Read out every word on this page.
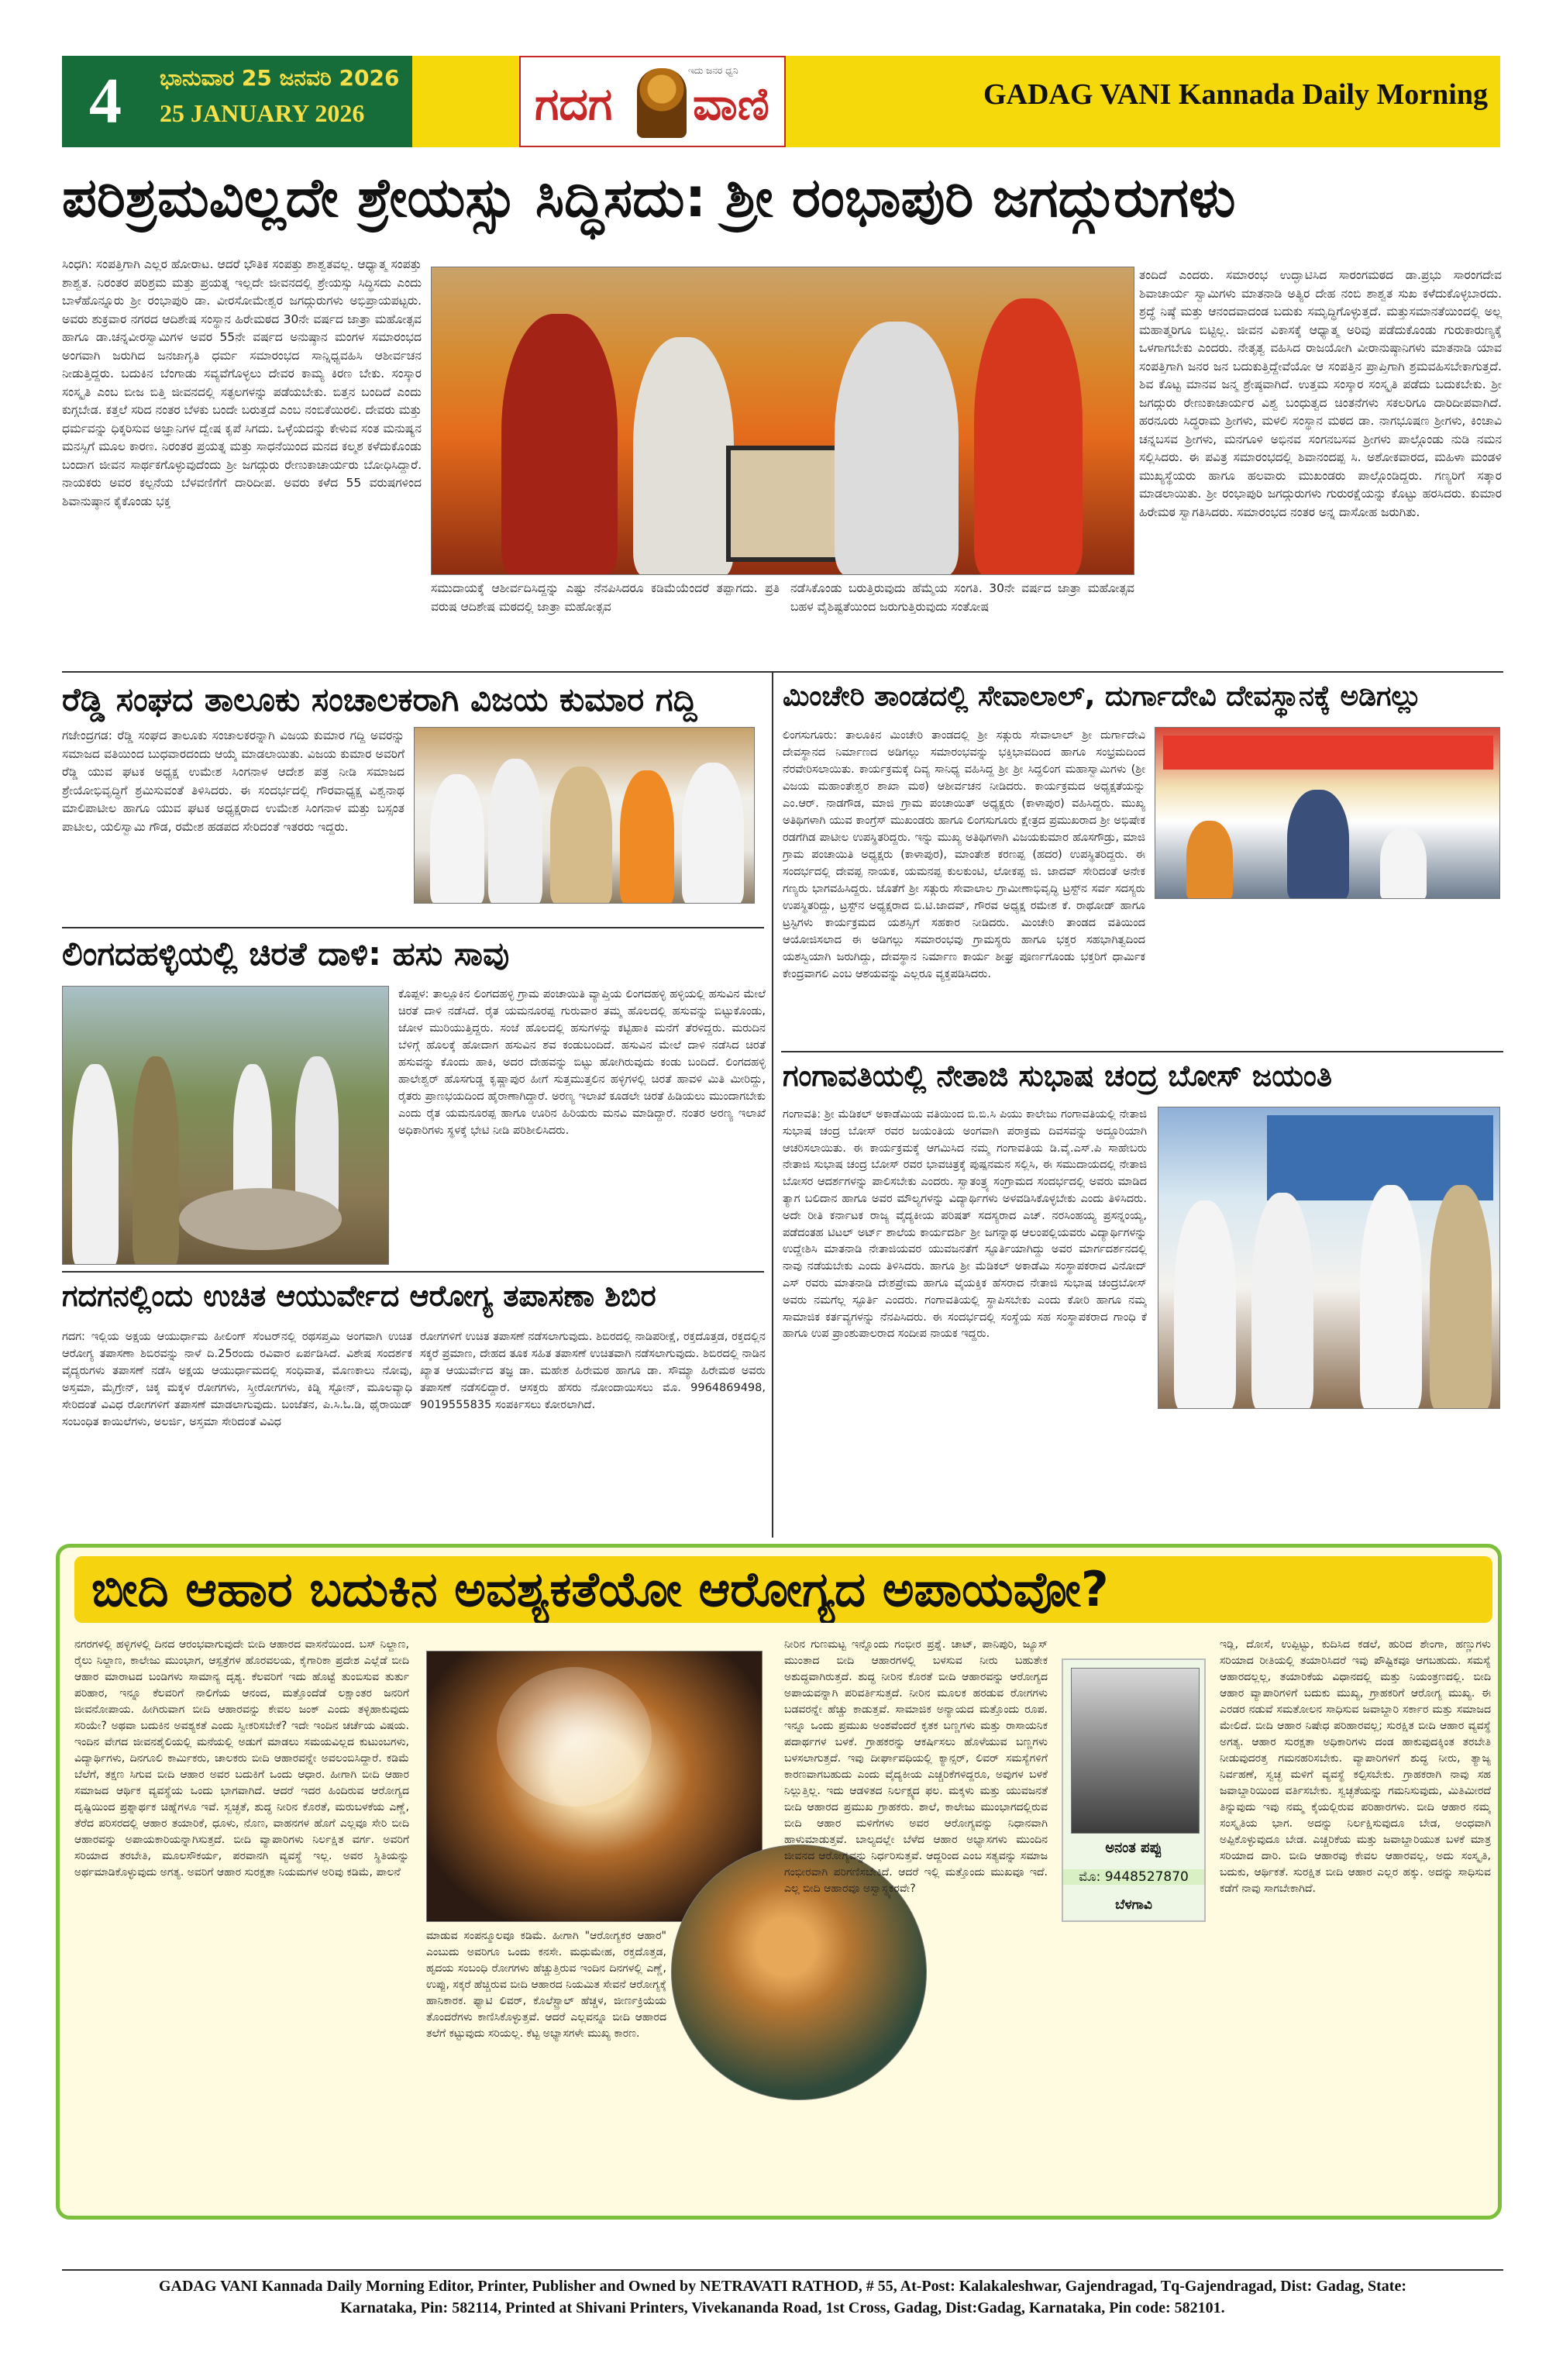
4	ಭಾನುವಾರ 25 ಜನವರಿ 2026
25 JANUARY 2026	ಗದಗ
ಇದು ಜನರ ಧ್ವನಿ
ವಾಣಿ	GADAG VANI Kannada Daily Morning
ಪರಿಶ್ರಮವಿಲ್ಲದೇ ಶ್ರೇಯಸ್ಸು ಸಿದ್ಧಿಸದು: ಶ್ರೀ ರಂಭಾಪುರಿ ಜಗದ್ಗುರುಗಳು
ಸಿಂಧಗಿ: ಸಂಪತ್ತಿಗಾಗಿ ಎಲ್ಲರ ಹೋರಾಟ. ಆದರೆ ಭೌತಿಕ ಸಂಪತ್ತು ಶಾಶ್ವತವಲ್ಲ. ಆಧ್ಯಾತ್ಮ ಸಂಪತ್ತು ಶಾಶ್ವತ. ನಿರಂತರ ಪರಿಶ್ರಮ ಮತ್ತು ಪ್ರಯತ್ನ ಇಲ್ಲದೇ ಜೀವನದಲ್ಲಿ ಶ್ರೇಯಸ್ಸು ಸಿದ್ಧಿಸದು ಎಂದು ಬಾಳೆಹೊನ್ನೂರು ಶ್ರೀ ರಂಭಾಪುರಿ ಡಾ. ವೀರಸೋಮೇಶ್ವರ ಜಗದ್ಗುರುಗಳು ಅಭಿಪ್ರಾಯಪಟ್ಟರು. ಅವರು ಶುಕ್ರವಾರ ನಗರದ ಆದಿಶೇಷ ಸಂಸ್ಥಾನ ಹಿರೇಮಠದ 30ನೇ ವರ್ಷದ ಜಾತ್ರಾ ಮಹೋತ್ಸವ ಹಾಗೂ ಡಾ.ಚನ್ನವೀರಸ್ವಾಮಿಗಳ ಅವರ 55ನೇ ವರ್ಷದ ಅನುಷ್ಠಾನ ಮಂಗಳ ಸಮಾರಂಭದ ಅಂಗವಾಗಿ ಜರುಗಿದ ಜನಜಾಗೃತಿ ಧರ್ಮ ಸಮಾರಂಭದ ಸಾನ್ನಿಧ್ಯವಹಿಸಿ ಆಶೀರ್ವಚನ ನೀಡುತ್ತಿದ್ದರು. ಬದುಕಿನ ಬೆಂಗಾಡು ಸವ್ಯವೆಗೊಳ್ಳಲು ದೇವರ ಕಾಮ್ಯ ಕಿರಣ ಬೇಕು. ಸಂಸ್ಕಾರ ಸಂಸ್ಕೃತಿ ಎಂಬ ಬೀಜ ಬಿತ್ತಿ ಜೀವನದಲ್ಲಿ ಸತ್ಫಲಗಳನ್ನು ಪಡೆಯಬೇಕು. ಬಿತ್ತನ ಬಂದಿದೆ ಎಂದು ಕುಗ್ಗಬೇಡ. ಕತ್ತಲೆ ಸರಿದ ನಂತರ ಬೆಳಕು ಬಂದೇ ಬರುತ್ತದೆ ಎಂಬ ನಂಬಿಕೆಯಿರಲಿ. ದೇವರು ಮತ್ತು ಧರ್ಮವನ್ನು ಧಿಕ್ಕರಿಸುವ ಅಜ್ಞಾನಿಗಳ ದ್ವೇಷ ಕೃಪೆ ಸಿಗದು. ಒಳ್ಳೆಯದನ್ನು ಕೇಳುವ ಸಂತ ಮನುಷ್ಯನ ಮನಸ್ಸಿಗೆ ಮೂಲ ಕಾರಣ. ನಿರಂತರ ಪ್ರಯತ್ನ ಮತ್ತು ಸಾಧನೆಯಿಂದ ಮನದ ಕಲ್ಮಶ ಕಳೆದುಕೊಂಡು ಬಂದಾಗ ಜೀವನ ಸಾರ್ಥಕಗೊಳ್ಳುವುದೆಂದು ಶ್ರೀ ಜಗದ್ಗುರು ರೇಣುಕಾಚಾರ್ಯರು ಬೋಧಿಸಿದ್ದಾರೆ. ನಾಯಕರು ಅವರ ಕಲ್ಪನೆಯ ಬೆಳವಣಿಗೆಗೆ ದಾರಿದೀಪ. ಅವರು ಕಳೆದ 55 ವರುಷಗಳಿಂದ ಶಿವಾನುಷ್ಠಾನ ಕೈಕೊಂಡು ಭಕ್ತ
ಸಮುದಾಯಕ್ಕೆ ಆಶೀರ್ವದಿಸಿದ್ದನ್ನು ಎಷ್ಟು ನೆನಪಿಸಿದರೂ ಕಡಿಮೆಯೆಂದರೆ ತಪ್ಪಾಗದು. ಪ್ರತಿ ವರುಷ ಆದಿಶೇಷ ಮಠದಲ್ಲಿ ಜಾತ್ರಾ ಮಹೋತ್ಸವ
ನಡೆಸಿಕೊಂಡು ಬರುತ್ತಿರುವುದು ಹೆಮ್ಮೆಯ ಸಂಗತಿ. 30ನೇ ವರ್ಷದ ಜಾತ್ರಾ ಮಹೋತ್ಸವ ಬಹಳ ವೈಶಿಷ್ಟತೆಯಿಂದ ಜರುಗುತ್ತಿರುವುದು ಸಂತೋಷ
ತಂದಿದೆ ಎಂದರು. ಸಮಾರಂಭ ಉದ್ಘಾಟಿಸಿದ ಸಾರಂಗಮಠದ ಡಾ.ಪ್ರಭು ಸಾರಂಗದೇವ ಶಿವಾಚಾರ್ಯ ಸ್ವಾಮಿಗಳು ಮಾತನಾಡಿ ಅತ್ಯಿರ ದೇಹ ನಂಬಿ ಶಾಶ್ವತ ಸುಖ ಕಳೆದುಕೊಳ್ಳಬಾರದು. ಶ್ರದ್ಧೆ ನಿಷ್ಠೆ ಮತ್ತು ಆನಂದವಾದಂಡ ಬದುಕು ಸಮೃದ್ಧಿಗೊಳ್ಳುತ್ತದೆ. ಮತ್ತುಸಮಾನತೆಯಿಂದಲ್ಲಿ ಅಲ್ಲ ಮಹಾತ್ಮರಿಗೂ ಬಿಟ್ಟಿಲ್ಲ. ಜೀವನ ವಿಕಾಸಕ್ಕೆ ಆಧ್ಯಾತ್ಮ ಅರಿವು ಪಡೆದುಕೊಂಡು ಗುರುಕಾರುಣ್ಯಕ್ಕೆ ಒಳಗಾಗಬೇಕು ಎಂದರು. ನೇತೃತ್ವ ವಹಿಸಿದ ರಾಜಯೋಗಿ ವೀರಾನುಷ್ಠಾನಿಗಳು ಮಾತನಾಡಿ ಯಾವ ಸಂಪತ್ತಿಗಾಗಿ ಜನರ ಜನ ಬದುಕುತ್ತಿದ್ದೇವೆಯೋ ಆ ಸಂಪತ್ತಿನ ಪ್ರಾಪ್ತಿಗಾಗಿ ಶ್ರಮವಹಿಸಬೇಕಾಗುತ್ತದೆ. ಶಿವ ಕೊಟ್ಟ ಮಾನವ ಜನ್ಮ ಶ್ರೇಷ್ಠವಾಗಿದೆ. ಉತ್ತಮ ಸಂಸ್ಕಾರ ಸಂಸ್ಕೃತಿ ಪಡೆದು ಬದುಕಬೇಕು. ಶ್ರೀ ಜಗದ್ಗುರು ರೇಣುಕಾಚಾರ್ಯರ ವಿಶ್ವ ಬಂಧುತ್ವದ ಚಿಂತನೆಗಳು ಸಕಲರಿಗೂ ದಾರಿದೀಪವಾಗಿದೆ. ಹರನೂರು ಸಿದ್ಧರಾಮ ಶ್ರೀಗಳು, ಮಳಲಿ ಸಂಸ್ಥಾನ ಮಠದ ಡಾ. ನಾಗಭೂಷಣ ಶ್ರೀಗಳು, ಕಿಂಚಾವಿ ಚನ್ನಬಸವ ಶ್ರೀಗಳು, ಮನಗೂಳಿ ಅಭಿನವ ಸಂಗನಬಸವ ಶ್ರೀಗಳು ಪಾಲ್ಗೊಂಡು ನುಡಿ ನಮನ ಸಲ್ಲಿಸಿದರು. ಈ ಪವಿತ್ರ ಸಮಾರಂಭದಲ್ಲಿ ಶಿವಾನಂದಪ್ಪ ಸಿ. ಅಶೋಕವಾರದ, ಮಹಿಳಾ ಮಂಡಳಿ ಮುಖ್ಯಸ್ಥೆಯರು ಹಾಗೂ ಹಲವಾರು ಮುಖಂಡರು ಪಾಲ್ಗೊಂಡಿದ್ದರು. ಗಣ್ಯರಿಗೆ ಸತ್ಕಾರ ಮಾಡಲಾಯಿತು. ಶ್ರೀ ರಂಭಾಪುರಿ ಜಗದ್ಗುರುಗಳು ಗುರುರಕ್ಷೆಯನ್ನು ಕೊಟ್ಟು ಹರಸಿದರು. ಕುಮಾರ ಹಿರೇಮಠ ಸ್ವಾಗತಿಸಿದರು. ಸಮಾರಂಭದ ನಂತರ ಅನ್ನ ದಾಸೋಹ ಜರುಗಿತು.
ರೆಡ್ಡಿ ಸಂಘದ ತಾಲೂಕು ಸಂಚಾಲಕರಾಗಿ ವಿಜಯ ಕುಮಾರ ಗದ್ದಿ
ಗಜೇಂದ್ರಗಡ: ರೆಡ್ಡಿ ಸಂಘದ ತಾಲೂಕು ಸಂಚಾಲಕರನ್ನಾಗಿ ವಿಜಯ ಕುಮಾರ ಗದ್ದಿ ಅವರನ್ನು ಸಮಾಜದ ವತಿಯಿಂದ ಬುಧವಾರದಂದು ಆಯ್ಕೆ ಮಾಡಲಾಯಿತು. ವಿಜಯ ಕುಮಾರ ಅವರಿಗೆ ರೆಡ್ಡಿ ಯುವ ಘಟಕ ಅಧ್ಯಕ್ಷ ಉಮೇಶ ಸಿಂಗನಾಳ ಆದೇಶ ಪತ್ರ ನೀಡಿ ಸಮಾಜದ ಶ್ರೇಯೋಭಿವೃದ್ಧಿಗೆ ಶ್ರಮಿಸುವಂತೆ ತಿಳಿಸಿದರು. ಈ ಸಂದರ್ಭದಲ್ಲಿ ಗೌರವಾಧ್ಯಕ್ಷ ವಿಶ್ವನಾಥ ಮಾಲಿಪಾಟೀಲ ಹಾಗೂ ಯುವ ಘಟಕ ಅಧ್ಯಕ್ಷರಾದ ಉಮೇಶ ಸಿಂಗನಾಳ ಮತ್ತು ಬಸ್ಸಂತ ಪಾಟೀಲ, ಯಲಿಸ್ವಾಮಿ ಗೌಡ, ರಮೇಶ ಹಡಪದ ಸೇರಿದಂತೆ ಇತರರು ಇದ್ದರು.
ಮಿಂಚೇರಿ ತಾಂಡದಲ್ಲಿ ಸೇವಾಲಾಲ್, ದುರ್ಗಾದೇವಿ ದೇವಸ್ಥಾನಕ್ಕೆ ಅಡಿಗಲ್ಲು
ಲಿಂಗಸುಗೂರು: ತಾಲೂಕಿನ ಮಿಂಚೇರಿ ತಾಂಡದಲ್ಲಿ ಶ್ರೀ ಸತ್ಗುರು ಸೇವಾಲಾಲ್ ಶ್ರೀ ದುರ್ಗಾದೇವಿ ದೇವಸ್ಥಾನದ ನಿರ್ಮಾಣದ ಅಡಿಗಲ್ಲು ಸಮಾರಂಭವನ್ನು ಭಕ್ತಿಭಾವದಿಂದ ಹಾಗೂ ಸಂಭ್ರಮದಿಂದ ನೆರವೇರಿಸಲಾಯಿತು. ಕಾರ್ಯಕ್ರಮಕ್ಕೆ ದಿವ್ಯ ಸಾನಿಧ್ಯ ವಹಿಸಿದ್ದ ಶ್ರೀ ಶ್ರೀ ಸಿದ್ಧಲಿಂಗ ಮಹಾಸ್ವಾಮಿಗಳು (ಶ್ರೀ ವಿಜಯ ಮಹಾಂತೇಶ್ವರ ಶಾಖಾ ಮಠ) ಆಶೀರ್ವಚನ ನೀಡಿದರು. ಕಾರ್ಯಕ್ರಮದ ಅಧ್ಯಕ್ಷತೆಯನ್ನು ಎಂ.ಆರ್. ನಾಡಗೌಡ, ಮಾಜಿ ಗ್ರಾಮ ಪಂಚಾಯಿತ್ ಅಧ್ಯಕ್ಷರು (ಕಾಳಾಪುರ) ವಹಿಸಿದ್ದರು. ಮುಖ್ಯ ಅತಿಥಿಗಳಾಗಿ ಯುವ ಕಾಂಗ್ರೆಸ್ ಮುಖಂಡರು ಹಾಗೂ ಲಿಂಗಸುಗೂರು ಕ್ಷೇತ್ರದ ಪ್ರಮುಖರಾದ ಶ್ರೀ ಅಭಿಷೇಕ ರಡಗೆಗಿಡ ಪಾಟೀಲ ಉಪಸ್ಥಿತರಿದ್ದರು. ಇನ್ನು ಮುಖ್ಯ ಅತಿಥಿಗಳಾಗಿ ವಿಜಯಕುಮಾರ ಹೊಸಗೌಡ್ರು, ಮಾಜಿ ಗ್ರಾಮ ಪಂಚಾಯಿತಿ ಅಧ್ಯಕ್ಷರು (ಕಾಳಾಪುರ), ಮಾಂತೇಶ ಕರಣಪ್ಪ (ಹದರ) ಉಪಸ್ಥಿತರಿದ್ದರು. ಈ ಸಂದರ್ಭದಲ್ಲಿ ದೇವಪ್ಪ ನಾಯಕ, ಯಮನಪ್ಪ ಕುಲಕುಂಟಿ, ಲೋಕಪ್ಪ ಜಿ. ಜಾದವ್ ಸೇರಿದಂತೆ ಅನೇಕ ಗಣ್ಯರು ಭಾಗವಹಿಸಿದ್ದರು. ಜೊತೆಗೆ ಶ್ರೀ ಸತ್ಗುರು ಸೇವಾಲಾಲ ಗ್ರಾಮೀಣಾಭಿವೃದ್ಧಿ ಟ್ರಸ್ಟ್‌ನ ಸರ್ವ ಸದಸ್ಯರು ಉಪಸ್ಥಿತರಿದ್ದು, ಟ್ರಸ್ಟ್‌ನ ಅಧ್ಯಕ್ಷರಾದ ಬಿ.ಟಿ.ಜಾದವ್, ಗೌರವ ಅಧ್ಯಕ್ಷ ರಮೇಶ ಕೆ. ರಾಥೋಡ್ ಹಾಗೂ ಟ್ರಸ್ಟಿಗಳು ಕಾರ್ಯಕ್ರಮದ ಯಶಸ್ಸಿಗೆ ಸಹಕಾರ ನೀಡಿದರು. ಮಿಂಚೇರಿ ತಾಂಡದ ವತಿಯಿಂದ ಆಯೋಜಿಸಲಾದ ಈ ಅಡಿಗಲ್ಲು ಸಮಾರಂಭವು ಗ್ರಾಮಸ್ಥರು ಹಾಗೂ ಭಕ್ತರ ಸಹಭಾಗಿತ್ವದಿಂದ ಯಶಸ್ವಿಯಾಗಿ ಜರುಗಿದ್ದು, ದೇವಸ್ಥಾನ ನಿರ್ಮಾಣ ಕಾರ್ಯ ಶೀಘ್ರ ಪೂರ್ಣಗೊಂಡು ಭಕ್ತರಿಗೆ ಧಾರ್ಮಿಕ ಕೇಂದ್ರವಾಗಲಿ ಎಂಬ ಆಶಯವನ್ನು ಎಲ್ಲರೂ ವ್ಯಕ್ತಪಡಿಸಿದರು.
ಲಿಂಗದಹಳ್ಳಿಯಲ್ಲಿ ಚಿರತೆ ದಾಳಿ: ಹಸು ಸಾವು
ಕೊಪ್ಪಳ: ತಾಲ್ಲೂಕಿನ ಲಿಂಗದಹಳ್ಳಿ ಗ್ರಾಮ ಪಂಚಾಯಿತಿ ವ್ಯಾಪ್ತಿಯ ಲಿಂಗದಹಳ್ಳಿ ಹಳ್ಳಿಯಲ್ಲಿ ಹಸುವಿನ ಮೇಲೆ ಚಿರತೆ ದಾಳಿ ನಡೆಸಿದೆ. ರೈತ ಯಮನೂರಪ್ಪ ಗುರುವಾರ ತಮ್ಮ ಹೊಲದಲ್ಲಿ ಹಸುವನ್ನು ಬಿಟ್ಟುಕೊಂಡು, ಜೋಳ ಮುರಿಯುತ್ತಿದ್ದರು. ಸಂಜೆ ಹೊಲದಲ್ಲಿ ಹಸುಗಳನ್ನು ಕಟ್ಟಿಹಾಕಿ ಮನೆಗೆ ತೆರಳಿದ್ದರು. ಮರುದಿನ ಬೆಳಿಗ್ಗೆ ಹೊಲಕ್ಕೆ ಹೋದಾಗ ಹಸುವಿನ ಶವ ಕಂಡುಬಂದಿದೆ. ಹಸುವಿನ ಮೇಲೆ ದಾಳಿ ನಡೆಸಿದ ಚಿರತೆ ಹಸುವನ್ನು ಕೊಂದು ಹಾಕಿ, ಅದರ ದೇಹವನ್ನು ಬಿಟ್ಟು ಹೋಗಿರುವುದು ಕಂಡು ಬಂದಿದೆ. ಲಿಂಗದಹಳ್ಳಿ ಹಾಲೇಶ್ವರ್ ಹೊಸಗುಡ್ಡ ಕೃಷ್ಣಾಪುರ ಹೀಗೆ ಸುತ್ತಮುತ್ತಲಿನ ಹಳ್ಳಿಗಳಲ್ಲಿ ಚಿರತೆ ಹಾವಳಿ ಮಿತಿ ಮೀರಿದ್ದು, ರೈತರು ಪ್ರಾಣಭಯದಿಂದ ಹೈರಾಣಾಗಿದ್ದಾರೆ. ಅರಣ್ಯ ಇಲಾಖೆ ಕೂಡಲೇ ಚಿರತೆ ಹಿಡಿಯಲು ಮುಂದಾಗಬೇಕು ಎಂದು ರೈತ ಯಮನೂರಪ್ಪ ಹಾಗೂ ಊರಿನ ಹಿರಿಯರು ಮನವಿ ಮಾಡಿದ್ದಾರೆ. ನಂತರ ಅರಣ್ಯ ಇಲಾಖೆ ಅಧಿಕಾರಿಗಳು ಸ್ಥಳಕ್ಕೆ ಭೇಟಿ ನೀಡಿ ಪರಿಶೀಲಿಸಿದರು.
ಗಂಗಾವತಿಯಲ್ಲಿ ನೇತಾಜಿ ಸುಭಾಷ ಚಂದ್ರ ಬೋಸ್ ಜಯಂತಿ
ಗಂಗಾವತಿ: ಶ್ರೀ ಮೆಡಿಕಲ್ ಅಕಾಡೆಮಿಯ ವತಿಯಿಂದ ಬಿ.ಬಿ.ಸಿ ಪಿಯು ಕಾಲೇಜು ಗಂಗಾವತಿಯಲ್ಲಿ ನೇತಾಜಿ ಸುಭಾಷ ಚಂದ್ರ ಬೋಸ್ ರವರ ಜಯಂತಿಯ ಅಂಗವಾಗಿ ಪರಾಕ್ರಮ ದಿವಸವನ್ನು ಅದ್ದೂರಿಯಾಗಿ ಆಚರಿಸಲಾಯಿತು. ಈ ಕಾರ್ಯಕ್ರಮಕ್ಕೆ ಆಗಮಿಸಿದ ನಮ್ಮ ಗಂಗಾವತಿಯ ಡಿ.ವೈ.ಎಸ್.ಪಿ ಸಾಹೇಬರು ನೇತಾಜಿ ಸುಭಾಷ ಚಂದ್ರ ಬೋಸ್ ರವರ ಭಾವಚಿತ್ರಕ್ಕೆ ಪುಷ್ಪನಮನ ಸಲ್ಲಿಸಿ, ಈ ಸಮುದಾಯದಲ್ಲಿ ನೇತಾಜಿ ಬೋಸರ ಆದರ್ಶಗಳನ್ನು ಪಾಲಿಸಬೇಕು ಎಂದರು. ಸ್ವಾತಂತ್ರ್ಯ ಸಂಗ್ರಾಮದ ಸಂದರ್ಭದಲ್ಲಿ ಅವರು ಮಾಡಿದ ತ್ಯಾಗ ಬಲಿದಾನ ಹಾಗೂ ಅವರ ಮೌಲ್ಯಗಳನ್ನು ವಿದ್ಯಾರ್ಥಿಗಳು ಅಳವಡಿಸಿಕೊಳ್ಳಬೇಕು ಎಂದು ತಿಳಿಸಿದರು. ಅದೇ ರೀತಿ ಕರ್ನಾಟಕ ರಾಜ್ಯ ವೈದ್ಯಕೀಯ ಪರಿಷತ್ ಸದಸ್ಯರಾದ ಎಚ್. ನರಸಿಂಹಯ್ಯ ಪ್ರಸನ್ನಂಯ್ಯ, ಪಡೆದಂತಹ ಟಿಟಲ್ ಅರ್ಟ್ ಶಾಲೆಯ ಕಾರ್ಯದರ್ಶಿ ಶ್ರೀ ಜಗನ್ನಾಥ ಆಲಂಪಲ್ಲಿಯವರು ವಿದ್ಯಾರ್ಥಿಗಳನ್ನು ಉದ್ದೇಶಿಸಿ ಮಾತನಾಡಿ ನೇತಾಜಿಯವರ ಯುವಜನತೆಗೆ ಸ್ಫೂರ್ತಿಯಾಗಿದ್ದು ಅವರ ಮಾರ್ಗದರ್ಶನದಲ್ಲಿ ನಾವು ನಡೆಯಬೇಕು ಎಂದು ತಿಳಿಸಿದರು. ಹಾಗೂ ಶ್ರೀ ಮೆಡಿಕಲ್ ಅಕಾಡೆಮಿ ಸಂಸ್ಥಾಪಕರಾದ ವಿನೋದ್ ಎಸ್ ರವರು ಮಾತನಾಡಿ ದೇಶಪ್ರೇಮ ಹಾಗೂ ವೈಯಕ್ತಿಕ ಹೆಸರಾದ ನೇತಾಜಿ ಸುಭಾಷ ಚಂದ್ರಬೋಸ್ ಅವರು ನಮಗೆಲ್ಲ ಸ್ಫೂರ್ತಿ ಎಂದರು. ಗಂಗಾವತಿಯಲ್ಲಿ ಸ್ಥಾಪಿಸಬೇಕು ಎಂದು ಕೋರಿ ಹಾಗೂ ನಮ್ಮ ಸಾಮಾಜಿಕ ಕರ್ತವ್ಯಗಳನ್ನು ನೆನಪಿಸಿದರು. ಈ ಸಂದರ್ಭದಲ್ಲಿ ಸಂಸ್ಥೆಯ ಸಹ ಸಂಸ್ಥಾಪಕರಾದ ಗಾಂಧಿ ಕೆ ಹಾಗೂ ಉಪ ಪ್ರಾಂಶುಪಾಲರಾದ ಸಂದೀಪ ನಾಯಕ ಇದ್ದರು.
ಗದಗನಲ್ಲಿಂದು ಉಚಿತ ಆಯುರ್ವೇದ ಆರೋಗ್ಯ ತಪಾಸಣಾ ಶಿಬಿರ
ಗದಗ: ಇಲ್ಲಿಯ ಅಕ್ಷಯ ಆಯುರ್ಧಾಮ ಹೀಲಿಂಗ್ ಸೆಂಟರ್‌ನಲ್ಲಿ ರಥಸಪ್ತಮಿ ಅಂಗವಾಗಿ ಉಚಿತ ಆರೋಗ್ಯ ತಪಾಸಣಾ ಶಿಬಿರವನ್ನು ನಾಳೆ ದಿ.25ರಂದು ರವಿವಾರ ಏರ್ಪಡಿಸಿದೆ. ವಿಶೇಷ ಸಂದರ್ಶಕ ವೈದ್ಯರುಗಳು ತಪಾಸಣೆ ನಡೆಸಿ ಅಕ್ಷಯ ಆಯುರ್ಧಾಮದಲ್ಲಿ ಸಂಧಿವಾತ, ಮೊಣಕಾಲು ನೋವು, ಅಸ್ತಮಾ, ಮೈಗ್ರೇನ್, ಚಿಕ್ಕ ಮಕ್ಕಳ ರೋಗಗಳು, ಸ್ತ್ರೀರೋಗಗಳು, ಕಿಡ್ನಿ ಸ್ಟೋನ್, ಮೂಲವ್ಯಾಧಿ ಸೇರಿದಂತೆ ವಿವಿಧ ರೋಗಗಳಿಗೆ ತಪಾಸಣೆ ಮಾಡಲಾಗುವುದು. ಬಂಜೆತನ, ಪಿ.ಸಿ.ಓ.ಡಿ, ಥೈರಾಯಿಡ್ ಸಂಬಂಧಿತ ಕಾಯಿಲೆಗಳು, ಅಲರ್ಜಿ, ಅಸ್ತಮಾ ಸೇರಿದಂತೆ ವಿವಿಧ
ರೋಗಗಳಿಗೆ ಉಚಿತ ತಪಾಸಣೆ ನಡೆಸಲಾಗುವುದು. ಶಿಬಿರದಲ್ಲಿ ನಾಡಿಪರೀಕ್ಷೆ, ರಕ್ತದೊತ್ತಡ, ರಕ್ತದಲ್ಲಿನ ಸಕ್ಕರೆ ಪ್ರಮಾಣ, ದೇಹದ ತೂಕ ಸಹಿತ ತಪಾಸಣೆ ಉಚಿತವಾಗಿ ನಡೆಸಲಾಗುವುದು. ಶಿಬಿರದಲ್ಲಿ ನಾಡಿನ ಖ್ಯಾತ ಆಯುರ್ವೇದ ತಜ್ಞ ಡಾ. ಮಹೇಶ ಹಿರೇಮಠ ಹಾಗೂ ಡಾ. ಸೌಮ್ಯಾ ಹಿರೇಮಠ ಅವರು ತಪಾಸಣೆ ನಡೆಸಲಿದ್ದಾರೆ. ಆಸಕ್ತರು ಹೆಸರು ನೋಂದಾಯಿಸಲು ಮೊ. 9964869498, 9019555835 ಸಂಪರ್ಕಿಸಲು ಕೋರಲಾಗಿದೆ.
ಬೀದಿ ಆಹಾರ ಬದುಕಿನ ಅವಶ್ಯಕತೆಯೋ ಆರೋಗ್ಯದ ಅಪಾಯವೋ?
ನಗರಗಳಲ್ಲಿ ಹಳ್ಳಿಗಳಲ್ಲಿ ದಿನದ ಆರಂಭವಾಗುವುದೇ ಬೀದಿ ಆಹಾರದ ವಾಸನೆಯಿಂದ. ಬಸ್ ನಿಲ್ದಾಣ, ರೈಲು ನಿಲ್ದಾಣ, ಕಾಲೇಜು ಮುಂಭಾಗ, ಆಸ್ಪತ್ರೆಗಳ ಹೊರವಲಯ, ಕೈಗಾರಿಕಾ ಪ್ರದೇಶ ಎಲ್ಲೆಡೆ ಬೀದಿ ಆಹಾರ ಮಾರಾಟದ ಬಂಡಿಗಳು ಸಾಮಾನ್ಯ ದೃಶ್ಯ. ಕೆಲವರಿಗೆ ಇದು ಹೊಟ್ಟೆ ತುಂಬಿಸುವ ತುರ್ತು ಪರಿಹಾರ, ಇನ್ನೂ ಕೆಲವರಿಗೆ ನಾಲಿಗೆಯ ಆನಂದ, ಮತ್ತೊಂದೆಡೆ ಲಕ್ಷಾಂತರ ಜನರಿಗೆ ಜೀವನೋಪಾಯ. ಹೀಗಿರುವಾಗ ಬೀದಿ ಆಹಾರವನ್ನು ಕೇವಲ ಜಂಕ್ ಎಂದು ತಳ್ಳಿಹಾಕುವುದು ಸರಿಯೇ? ಅಥವಾ ಬದುಕಿನ ಅವಶ್ಯಕತೆ ಎಂದು ಸ್ವೀಕರಿಸಬೇಕೆ? ಇದೇ ಇಂದಿನ ಚರ್ಚೆಯ ವಿಷಯ. ಇಂದಿನ ವೇಗದ ಜೀವನಶೈಲಿಯಲ್ಲಿ ಮನೆಯಲ್ಲಿ ಅಡುಗೆ ಮಾಡಲು ಸಮಯವಿಲ್ಲದ ಕುಟುಂಬಗಳು, ವಿದ್ಯಾರ್ಥಿಗಳು, ದಿನಗೂಲಿ ಕಾರ್ಮಿಕರು, ಚಾಲಕರು ಬೀದಿ ಆಹಾರವನ್ನೇ ಅವಲಂಬಿಸಿದ್ದಾರೆ. ಕಡಿಮೆ ಬೆಲೆಗೆ, ತಕ್ಷಣ ಸಿಗುವ ಬೀದಿ ಆಹಾರ ಅವರ ಬದುಕಿಗೆ ಒಂದು ಆಧಾರ. ಹೀಗಾಗಿ ಬೀದಿ ಆಹಾರ ಸಮಾಜದ ಆರ್ಥಿಕ ವ್ಯವಸ್ಥೆಯ ಒಂದು ಭಾಗವಾಗಿದೆ. ಆದರೆ ಇದರ ಹಿಂದಿರುವ ಆರೋಗ್ಯದ ದೃಷ್ಟಿಯಿಂದ ಪ್ರಶ್ನಾರ್ಥಕ ಚಿಹ್ನೆಗಳೂ ಇವೆ. ಸ್ವಚ್ಛತೆ, ಶುದ್ಧ ನೀರಿನ ಕೊರತೆ, ಮರುಬಳಕೆಯ ಎಣ್ಣೆ, ತೆರೆದ ಪರಿಸರದಲ್ಲಿ ಆಹಾರ ತಯಾರಿಕೆ, ಧೂಳು, ನೊಣ, ವಾಹನಗಳ ಹೊಗೆ ಎಲ್ಲವೂ ಸೇರಿ ಬೀದಿ ಆಹಾರವನ್ನು ಅಪಾಯಕಾರಿಯನ್ನಾಗಿಸುತ್ತದೆ. ಬೀದಿ ವ್ಯಾಪಾರಿಗಳು ನಿರ್ಲಕ್ಷಿತ ವರ್ಗ. ಅವರಿಗೆ ಸರಿಯಾದ ತರಬೇತಿ, ಮೂಲಸೌಕರ್ಯ, ಪರವಾನಗಿ ವ್ಯವಸ್ಥೆ ಇಲ್ಲ. ಅವರ ಸ್ಥಿತಿಯನ್ನು ಅರ್ಥಮಾಡಿಕೊಳ್ಳುವುದು ಅಗತ್ಯ. ಅವರಿಗೆ ಆಹಾರ ಸುರಕ್ಷತಾ ನಿಯಮಗಳ ಅರಿವು ಕಡಿಮೆ, ಪಾಲನೆ
ಮಾಡುವ ಸಂಪನ್ಮೂಲವೂ ಕಡಿಮೆ. ಹೀಗಾಗಿ "ಆರೋಗ್ಯಕರ ಆಹಾರ" ಎಂಬುದು ಅವರಿಗೂ ಒಂದು ಕನಸೇ. ಮಧುಮೇಹ, ರಕ್ತದೊತ್ತಡ, ಹೃದಯ ಸಂಬಂಧಿ ರೋಗಗಳು ಹೆಚ್ಚುತ್ತಿರುವ ಇಂದಿನ ದಿನಗಳಲ್ಲಿ ಎಣ್ಣೆ, ಉಪ್ಪು, ಸಕ್ಕರೆ ಹೆಚ್ಚಿರುವ ಬೀದಿ ಆಹಾರದ ನಿಯಮಿತ ಸೇವನೆ ಆರೋಗ್ಯಕ್ಕೆ ಹಾನಿಕಾರಕ. ಫ್ಯಾಟಿ ಲಿವರ್, ಕೊಲೆಸ್ಟ್ರಾಲ್ ಹೆಚ್ಚಳ, ಜೀರ್ಣಕ್ರಿಯೆಯ ತೊಂದರೆಗಳು ಕಾಣಿಸಿಕೊಳ್ಳುತ್ತವೆ. ಆದರೆ ಎಲ್ಲವನ್ನೂ ಬೀದಿ ಆಹಾರದ ತಲೆಗೆ ಕಟ್ಟುವುದು ಸರಿಯಲ್ಲ. ಕೆಟ್ಟ ಅಭ್ಯಾಸಗಳೇ ಮುಖ್ಯ ಕಾರಣ.
ನೀರಿನ ಗುಣಮಟ್ಟ ಇನ್ನೊಂದು ಗಂಭೀರ ಪ್ರಶ್ನೆ. ಚಾಟ್, ಪಾನಿಪುರಿ, ಜ್ಯೂಸ್ ಮುಂತಾದ ಬೀದಿ ಆಹಾರಗಳಲ್ಲಿ ಬಳಸುವ ನೀರು ಬಹುತೇಕ ಅಶುದ್ಧವಾಗಿರುತ್ತದೆ. ಶುದ್ಧ ನೀರಿನ ಕೊರತೆ ಬೀದಿ ಆಹಾರವನ್ನು ಆರೋಗ್ಯದ ಅಪಾಯವನ್ನಾಗಿ ಪರಿವರ್ತಿಸುತ್ತದೆ. ನೀರಿನ ಮೂಲಕ ಹರಡುವ ರೋಗಗಳು ಬಡವರನ್ನೇ ಹೆಚ್ಚು ಕಾಡುತ್ತವೆ. ಸಾಮಾಜಿಕ ಅನ್ಯಾಯದ ಮತ್ತೊಂದು ರೂಪ. ಇನ್ನೂ ಒಂದು ಪ್ರಮುಖ ಅಂಶವೆಂದರೆ ಕೃತಕ ಬಣ್ಣಗಳು ಮತ್ತು ರಾಸಾಯನಿಕ ಪದಾರ್ಥಗಳ ಬಳಕೆ. ಗ್ರಾಹಕರನ್ನು ಆಕರ್ಷಿಸಲು ಹೊಳೆಯುವ ಬಣ್ಣಗಳು ಬಳಸಲಾಗುತ್ತದೆ. ಇವು ದೀರ್ಘಾವಧಿಯಲ್ಲಿ ಕ್ಯಾನ್ಸರ್, ಲಿವರ್ ಸಮಸ್ಯೆಗಳಿಗೆ ಕಾರಣವಾಗಬಹುದು ಎಂದು ವೈದ್ಯಕೀಯ ಎಚ್ಚರಿಕೆಗಳಿದ್ದರೂ, ಅವುಗಳ ಬಳಕೆ ನಿಲ್ಲುತ್ತಿಲ್ಲ. ಇದು ಆಡಳಿತದ ನಿರ್ಲಕ್ಷ್ಯದ ಫಲ. ಮಕ್ಕಳು ಮತ್ತು ಯುವಜನತೆ ಬೀದಿ ಆಹಾರದ ಪ್ರಮುಖ ಗ್ರಾಹಕರು. ಶಾಲೆ, ಕಾಲೇಜು ಮುಂಭಾಗದಲ್ಲಿರುವ ಬೀದಿ ಆಹಾರ ಮಳಿಗೆಗಳು ಅವರ ಆರೋಗ್ಯವನ್ನು ನಿಧಾನವಾಗಿ ಹಾಳುಮಾಡುತ್ತವೆ. ಬಾಲ್ಯದಲ್ಲೇ ಬೆಳೆದ ಆಹಾರ ಅಭ್ಯಾಸಗಳು ಮುಂದಿನ ಜೀವನದ ಆರೋಗ್ಯವನ್ನು ನಿರ್ಧರಿಸುತ್ತವೆ. ಆದ್ದರಿಂದ ಎಂಬ ಸತ್ಯವನ್ನು ಸಮಾಜ ಗಂಭೀರವಾಗಿ ಪರಿಗಣಿಸಬೇಕಿದೆ. ಆದರೆ ಇಲ್ಲಿ ಮತ್ತೊಂದು ಮುಖವೂ ಇದೆ. ಎಲ್ಲ ಬೀದಿ ಆಹಾರವೂ ಅಸ್ವಾಸ್ಥ್ಯಕರವೇ?
ಅನಂತ ಪಪ್ಪು
ಮೊ: 9448527870
ಬೆಳಗಾವಿ
ಇಡ್ಲಿ, ದೋಸೆ, ಉಪ್ಪಿಟ್ಟು, ಕುದಿಸಿದ ಕಡಲೆ, ಹುರಿದ ಶೇಂಗಾ, ಹಣ್ಣುಗಳು ಸರಿಯಾದ ರೀತಿಯಲ್ಲಿ ತಯಾರಿಸಿದರೆ ಇವು ಪೌಷ್ಟಿಕವೂ ಆಗಬಹುದು. ಸಮಸ್ಯೆ ಆಹಾರದಲ್ಲಲ್ಲ, ತಯಾರಿಕೆಯ ವಿಧಾನದಲ್ಲಿ ಮತ್ತು ನಿಯಂತ್ರಣದಲ್ಲಿ. ಬೀದಿ ಆಹಾರ ವ್ಯಾಪಾರಿಗಳಿಗೆ ಬದುಕು ಮುಖ್ಯ, ಗ್ರಾಹಕರಿಗೆ ಆರೋಗ್ಯ ಮುಖ್ಯ. ಈ ಎರಡರ ನಡುವೆ ಸಮತೋಲನ ಸಾಧಿಸುವ ಜವಾಬ್ದಾರಿ ಸರ್ಕಾರ ಮತ್ತು ಸಮಾಜದ ಮೇಲಿದೆ. ಬೀದಿ ಆಹಾರ ನಿಷೇಧ ಪರಿಹಾರವಲ್ಲ; ಸುರಕ್ಷಿತ ಬೀದಿ ಆಹಾರ ವ್ಯವಸ್ಥೆ ಅಗತ್ಯ. ಆಹಾರ ಸುರಕ್ಷತಾ ಅಧಿಕಾರಿಗಳು ದಂಡ ಹಾಕುವುದಕ್ಕಿಂತ ತರಬೇತಿ ನೀಡುವುದರತ್ತ ಗಮನಹರಿಸಬೇಕು. ವ್ಯಾಪಾರಿಗಳಿಗೆ ಶುದ್ಧ ನೀರು, ತ್ಯಾಜ್ಯ ನಿರ್ವಹಣೆ, ಸ್ವಚ್ಛ ಮಳಿಗೆ ವ್ಯವಸ್ಥೆ ಕಲ್ಪಿಸಬೇಕು. ಗ್ರಾಹಕರಾಗಿ ನಾವು ಸಹ ಜವಾಬ್ದಾರಿಯಿಂದ ವರ್ತಿಸಬೇಕು. ಸ್ವಚ್ಛತೆಯನ್ನು ಗಮನಿಸುವುದು, ಮಿತಿಮೀರದೆ ತಿನ್ನುವುದು ಇವು ನಮ್ಮ ಕೈಯಲ್ಲಿರುವ ಪರಿಹಾರಗಳು. ಬೀದಿ ಆಹಾರ ನಮ್ಮ ಸಂಸ್ಕೃತಿಯ ಭಾಗ. ಅದನ್ನು ನಿರ್ಲಕ್ಷಿಸುವುದೂ ಬೇಡ, ಅಂಧವಾಗಿ ಅಪ್ಪಿಕೊಳ್ಳುವುದೂ ಬೇಡ. ಎಚ್ಚರಿಕೆಯ ಮತ್ತು ಜವಾಬ್ದಾರಿಯುತ ಬಳಕೆ ಮಾತ್ರ ಸರಿಯಾದ ದಾರಿ. ಬೀದಿ ಆಹಾರವು ಕೇವಲ ಆಹಾರವಲ್ಲ, ಅದು ಸಂಸ್ಕೃತಿ, ಬದುಕು, ಆರ್ಥಿಕತೆ. ಸುರಕ್ಷಿತ ಬೀದಿ ಆಹಾರ ಎಲ್ಲರ ಹಕ್ಕು. ಅದನ್ನು ಸಾಧಿಸುವ ಕಡೆಗೆ ನಾವು ಸಾಗಬೇಕಾಗಿದೆ.
GADAG VANI Kannada Daily Morning Editor, Printer, Publisher and Owned by NETRAVATI RATHOD, # 55, At-Post: Kalakaleshwar, Gajendragad, Tq-Gajendragad, Dist: Gadag, State:
Karnataka, Pin: 582114, Printed at Shivani Printers, Vivekananda Road, 1st Cross, Gadag, Dist:Gadag, Karnataka, Pin code: 582101.
